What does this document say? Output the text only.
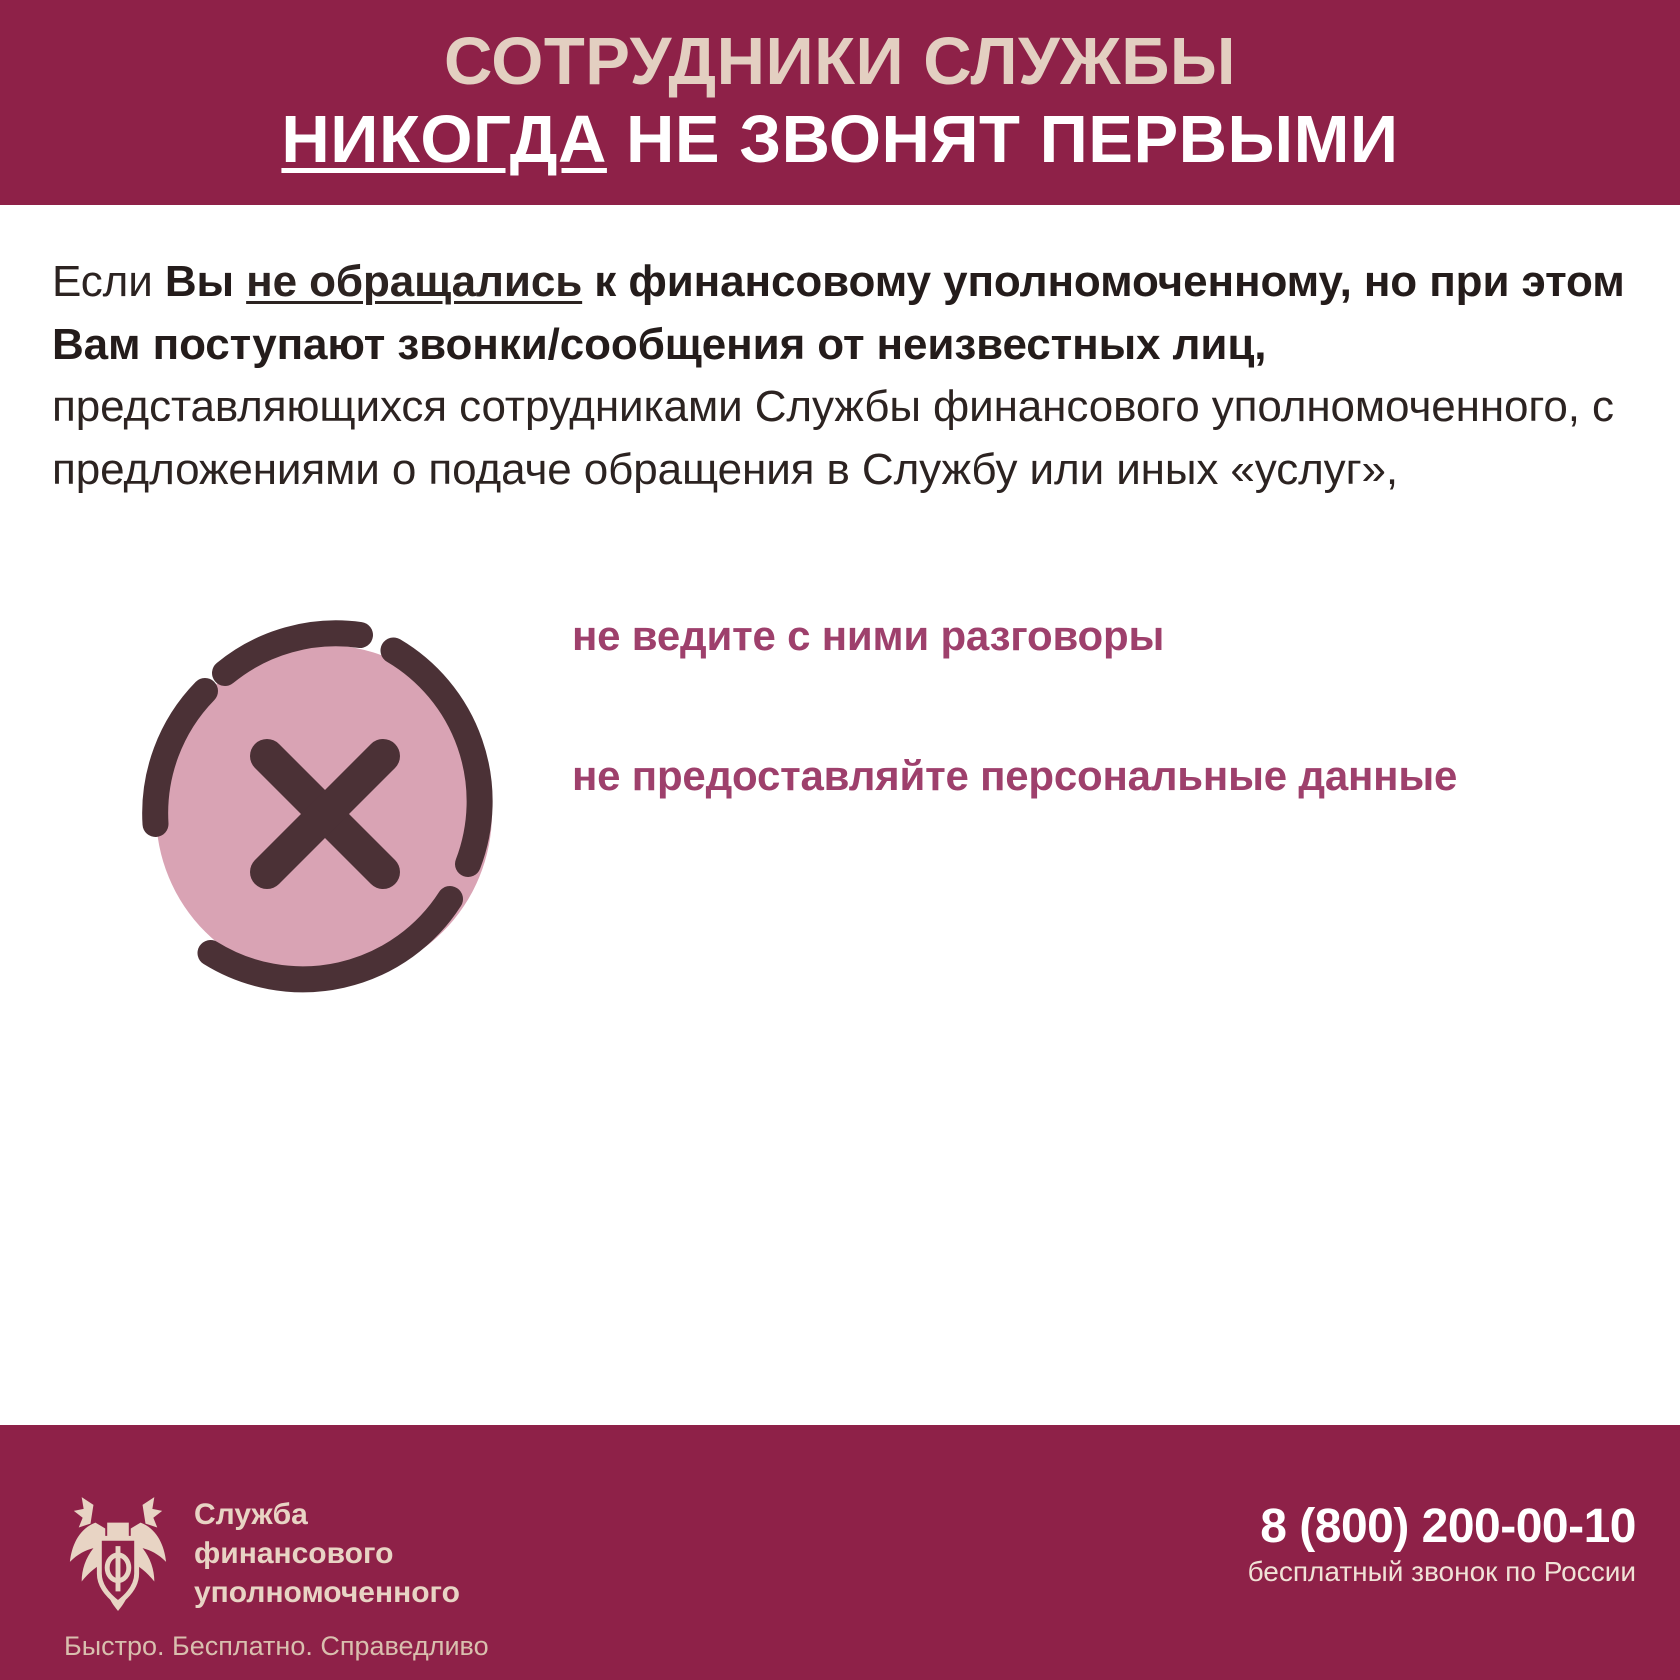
СОТРУДНИКИ СЛУЖБЫ
НИКОГДА НЕ ЗВОНЯТ ПЕРВЫМИ

Если Вы не обращались к финансовому уполномоченному, но при этом Вам поступают звонки/сообщения от неизвестных лиц, представляющихся сотрудниками Службы финансового уполномоченного, с предложениями о подаче обращения в Службу или иных «услуг»,

не ведите с ними разговоры
не предоставляйте персональные данные
Служба
финансового
уполномоченного
Быстро. Бесплатно. Справедливо
8 (800) 200-00-10
бесплатный звонок по России
